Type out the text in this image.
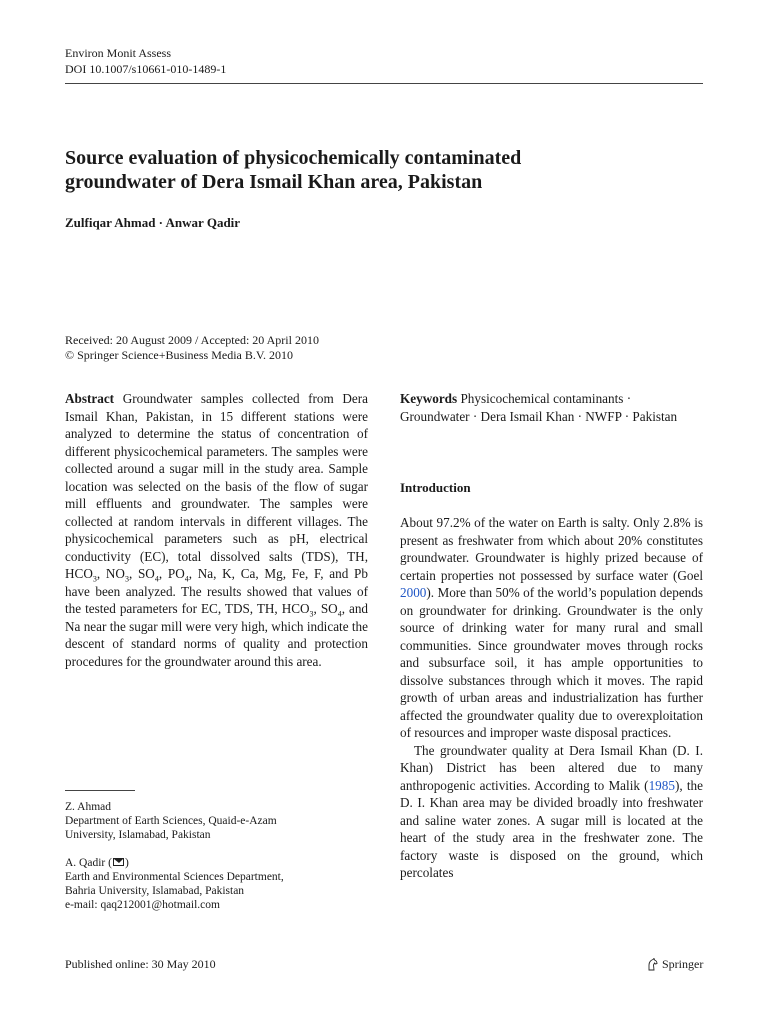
Environ Monit Assess
DOI 10.1007/s10661-010-1489-1
Source evaluation of physicochemically contaminated
groundwater of Dera Ismail Khan area, Pakistan
Zulfiqar Ahmad · Anwar Qadir
Received: 20 August 2009 / Accepted: 20 April 2010
© Springer Science+Business Media B.V. 2010
Abstract Groundwater samples collected from Dera Ismail Khan, Pakistan, in 15 different stations were analyzed to determine the status of concentration of different physicochemical parameters. The samples were collected around a sugar mill in the study area. Sample location was selected on the basis of the flow of sugar mill effluents and groundwater. The samples were collected at random intervals in different villages. The physicochemical parameters such as pH, electrical conductivity (EC), total dissolved salts (TDS), TH, $HCO_3$, $NO_3$, $SO_4$, $PO_4$, Na, K, Ca, Mg, Fe, F, and Pb have been analyzed. The results showed that values of the tested parameters for EC, TDS, TH, $HCO_3$, $SO_4$, and Na near the sugar mill were very high, which indicate the descent of standard norms of quality and protection procedures for the groundwater around this area.
Keywords Physicochemical contaminants · Groundwater · Dera Ismail Khan · NWFP · Pakistan
Introduction

About 97.2% of the water on Earth is salty. Only 2.8% is present as freshwater from which about 20% constitutes groundwater. Groundwater is highly prized because of certain properties not possessed by surface water (Goel 2000). More than 50% of the world’s population depends on groundwater for drinking. Groundwater is the only source of drinking water for many rural and small communities. Since groundwater moves through rocks and subsurface soil, it has ample opportunities to dissolve substances through which it moves. The rapid growth of urban areas and industrialization has further affected the groundwater quality due to overexploitation of resources and improper waste disposal practices.

The groundwater quality at Dera Ismail Khan (D. I. Khan) District has been altered due to many anthropogenic activities. According to Malik (1985), the D. I. Khan area may be divided broadly into freshwater and saline water zones. A sugar mill is located at the heart of the study area in the freshwater zone. The factory waste is disposed on the ground, which percolates

Z. Ahmad
Department of Earth Sciences, Quaid-e-Azam
University, Islamabad, Pakistan
A. Qadir ( )
Earth and Environmental Sciences Department,
Bahria University, Islamabad, Pakistan
e-mail: qaq212001@hotmail.com
Published online: 30 May 2010	Springer
